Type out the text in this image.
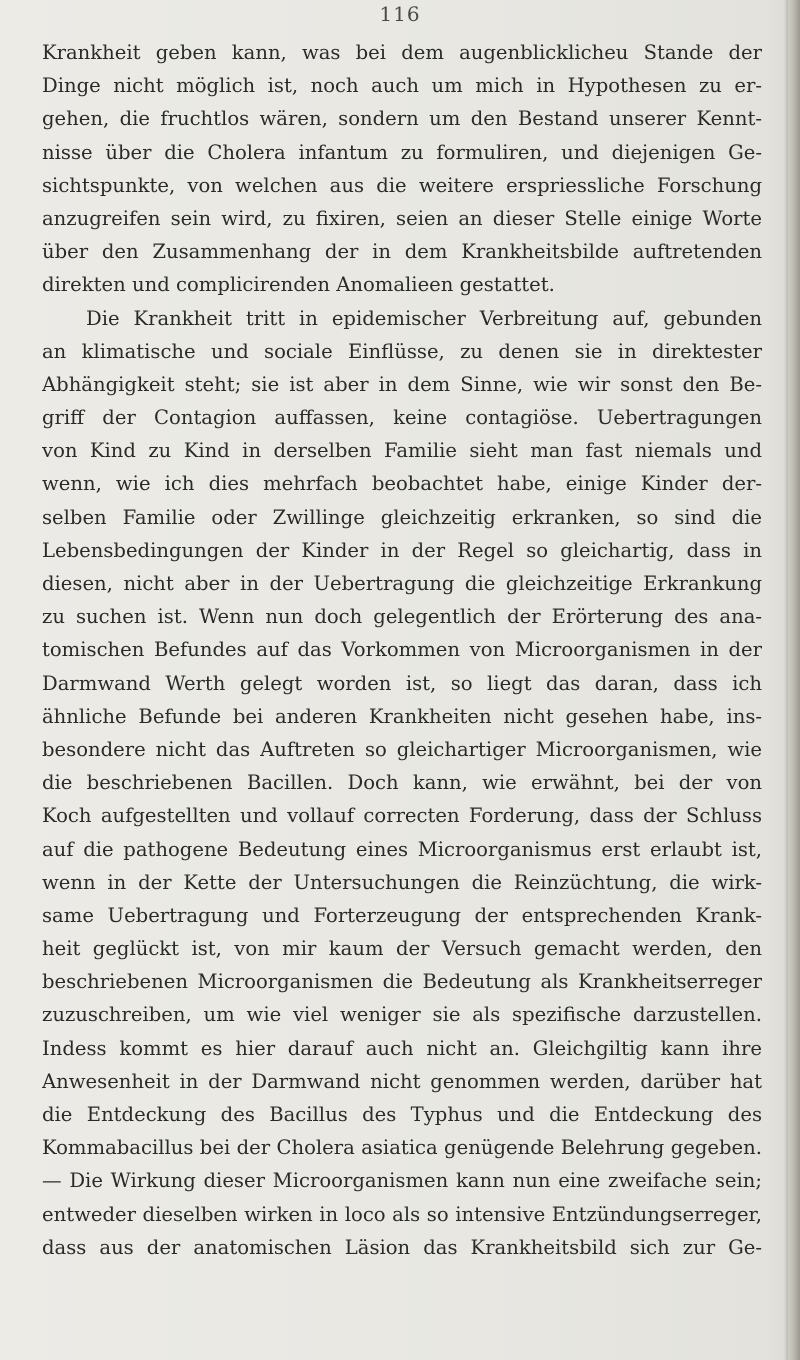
116
Krankheit geben kann, was bei dem augenblicklicheu Stande der
Dinge nicht möglich ist, noch auch um mich in Hypothesen zu er-
gehen, die fruchtlos wären, sondern um den Bestand unserer Kennt-
nisse über die Cholera infantum zu formuliren, und diejenigen Ge-
sichtspunkte, von welchen aus die weitere erspriessliche Forschung
anzugreifen sein wird, zu fixiren, seien an dieser Stelle einige Worte
über den Zusammenhang der in dem Krankheitsbilde auftretenden
direkten und complicirenden Anomalieen gestattet.
Die Krankheit tritt in epidemischer Verbreitung auf, gebunden
an klimatische und sociale Einflüsse, zu denen sie in direktester
Abhängigkeit steht; sie ist aber in dem Sinne, wie wir sonst den Be-
griff der Contagion auffassen, keine contagiöse. Uebertragungen
von Kind zu Kind in derselben Familie sieht man fast niemals und
wenn, wie ich dies mehrfach beobachtet habe, einige Kinder der-
selben Familie oder Zwillinge gleichzeitig erkranken, so sind die
Lebensbedingungen der Kinder in der Regel so gleichartig, dass in
diesen, nicht aber in der Uebertragung die gleichzeitige Erkrankung
zu suchen ist. Wenn nun doch gelegentlich der Erörterung des ana-
tomischen Befundes auf das Vorkommen von Microorganismen in der
Darmwand Werth gelegt worden ist, so liegt das daran, dass ich
ähnliche Befunde bei anderen Krankheiten nicht gesehen habe, ins-
besondere nicht das Auftreten so gleichartiger Microorganismen, wie
die beschriebenen Bacillen. Doch kann, wie erwähnt, bei der von
Koch aufgestellten und vollauf correcten Forderung, dass der Schluss
auf die pathogene Bedeutung eines Microorganismus erst erlaubt ist,
wenn in der Kette der Untersuchungen die Reinzüchtung, die wirk-
same Uebertragung und Forterzeugung der entsprechenden Krank-
heit geglückt ist, von mir kaum der Versuch gemacht werden, den
beschriebenen Microorganismen die Bedeutung als Krankheitserreger
zuzuschreiben, um wie viel weniger sie als spezifische darzustellen.
Indess kommt es hier darauf auch nicht an. Gleichgiltig kann ihre
Anwesenheit in der Darmwand nicht genommen werden, darüber hat
die Entdeckung des Bacillus des Typhus und die Entdeckung des
Kommabacillus bei der Cholera asiatica genügende Belehrung gegeben.
— Die Wirkung dieser Microorganismen kann nun eine zweifache sein;
entweder dieselben wirken in loco als so intensive Entzündungserreger,
dass aus der anatomischen Läsion das Krankheitsbild sich zur Ge-
